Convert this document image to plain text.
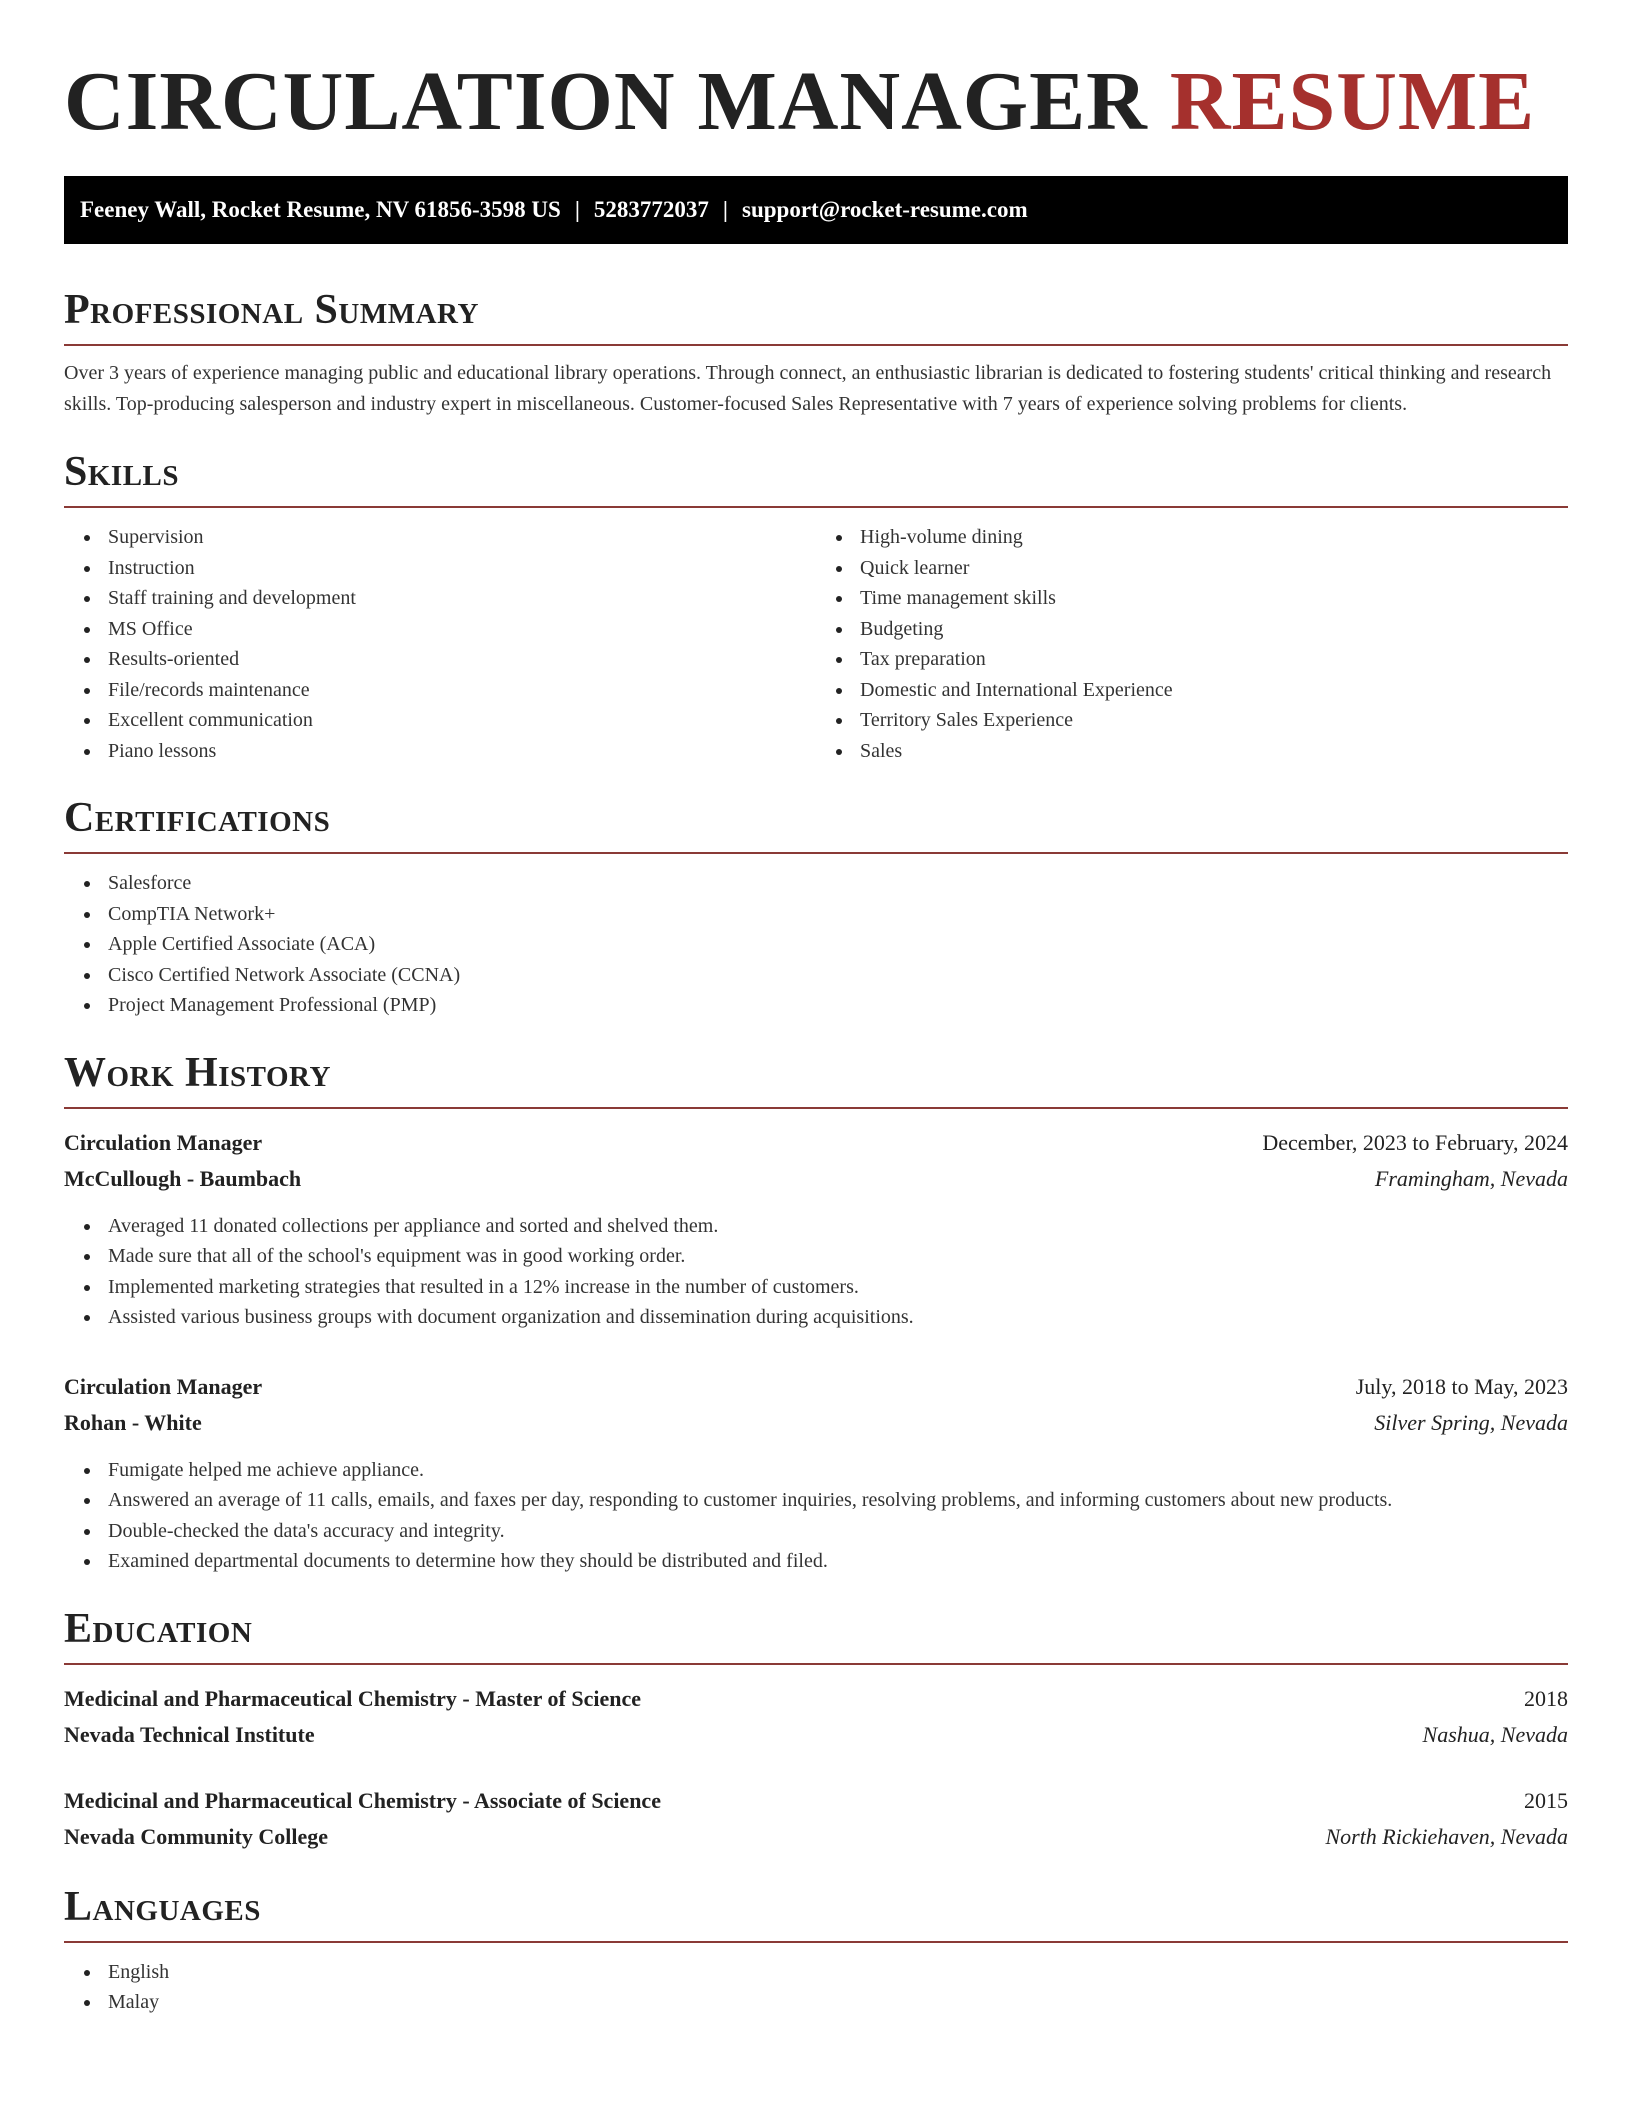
CIRCULATION MANAGER RESUME
Feeney Wall, Rocket Resume, NV 61856-3598 US | 5283772037 | support@rocket-resume.com
Professional Summary

Over 3 years of experience managing public and educational library operations. Through connect, an enthusiastic librarian is dedicated to fostering students' critical thinking and research skills. Top-producing salesperson and industry expert in miscellaneous. Customer-focused Sales Representative with 7 years of experience solving problems for clients.

Skills
Supervision
Instruction
Staff training and development
MS Office
Results-oriented
File/records maintenance
Excellent communication
Piano lessons
High-volume dining
Quick learner
Time management skills
Budgeting
Tax preparation
Domestic and International Experience
Territory Sales Experience
Sales
Certifications
Salesforce
CompTIA Network+
Apple Certified Associate (ACA)
Cisco Certified Network Associate (CCNA)
Project Management Professional (PMP)
Work History
Circulation Manager	December, 2023 to February, 2024
McCullough - Baumbach	Framingham, Nevada
Averaged 11 donated collections per appliance and sorted and shelved them.
Made sure that all of the school's equipment was in good working order.
Implemented marketing strategies that resulted in a 12% increase in the number of customers.
Assisted various business groups with document organization and dissemination during acquisitions.
Circulation Manager	July, 2018 to May, 2023
Rohan - White	Silver Spring, Nevada
Fumigate helped me achieve appliance.
Answered an average of 11 calls, emails, and faxes per day, responding to customer inquiries, resolving problems, and informing customers about new products.
Double-checked the data's accuracy and integrity.
Examined departmental documents to determine how they should be distributed and filed.
Education
Medicinal and Pharmaceutical Chemistry - Master of Science	2018
Nevada Technical Institute	Nashua, Nevada
Medicinal and Pharmaceutical Chemistry - Associate of Science	2015
Nevada Community College	North Rickiehaven, Nevada
Languages
English
Malay
